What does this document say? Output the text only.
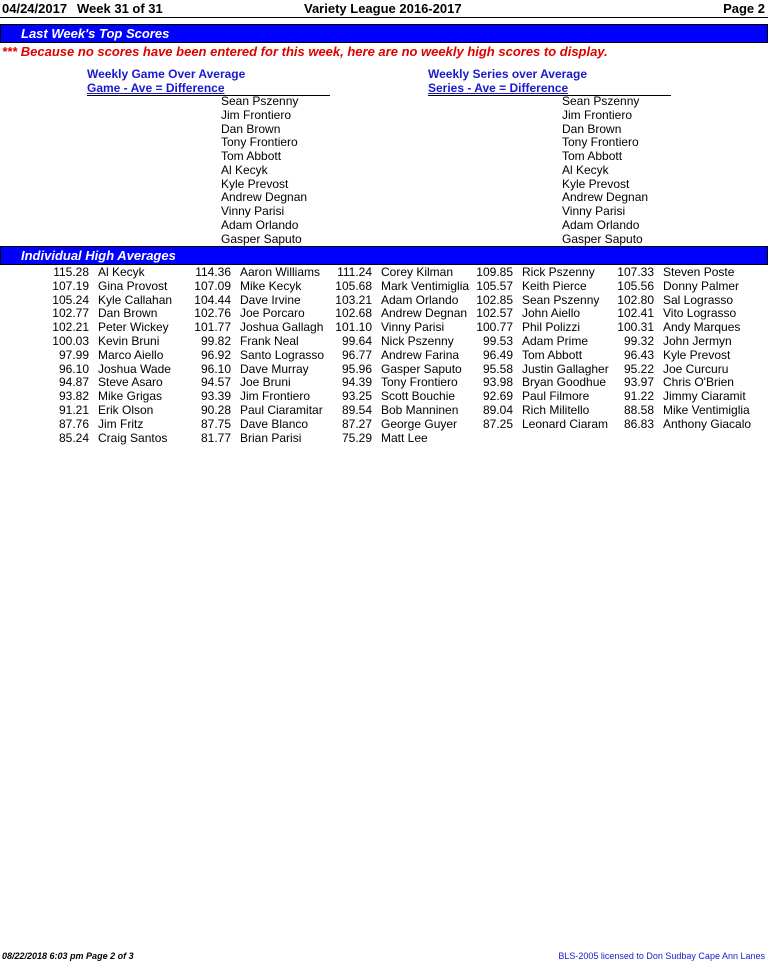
04/24/2017 Week 31 of 31	Variety League 2016-2017	Page 2
Last Week's Top Scores
*** Because no scores have been entered for this week, here are no weekly high scores to display.
Weekly Game Over Average
Game - Ave = Difference
Weekly Series over Average
Series - Ave = Difference
Sean Pszenny
Jim Frontiero
Dan Brown
Tony Frontiero
Tom Abbott
Al Kecyk
Kyle Prevost
Andrew Degnan
Vinny Parisi
Adam Orlando
Gasper Saputo
Sean Pszenny
Jim Frontiero
Dan Brown
Tony Frontiero
Tom Abbott
Al Kecyk
Kyle Prevost
Andrew Degnan
Vinny Parisi
Adam Orlando
Gasper Saputo
Individual High Averages
115.28 Al Kecyk	114.36 Aaron Williams	111.24 Corey Kilman	109.85 Rick Pszenny	107.33 Steven Poste
107.19 Gina Provost	107.09 Mike Kecyk	105.68 Mark Ventimiglia 105.57 Keith Pierce	105.56 Donny Palmer
105.24 Kyle Callahan	104.44 Dave Irvine	103.21 Adam Orlando	102.85 Sean Pszenny	102.80 Sal Lograsso
102.77 Dan Brown	102.76 Joe Porcaro	102.68 Andrew Degnan 102.57 John Aiello	102.41 Vito Lograsso
102.21 Peter Wickey	101.77 Joshua Gallagh 101.10 Vinny Parisi	100.77 Phil Polizzi	100.31 Andy Marques
100.03 Kevin Bruni	99.82 Frank Neal	99.64 Nick Pszenny	99.53 Adam Prime	99.32 John Jermyn
97.99 Marco Aiello	96.92 Santo Lograsso	96.77 Andrew Farina	96.49 Tom Abbott	96.43 Kyle Prevost
96.10 Joshua Wade	96.10 Dave Murray	95.96 Gasper Saputo	95.58 Justin Gallagher	95.22 Joe Curcuru
94.87 Steve Asaro	94.57 Joe Bruni	94.39 Tony Frontiero	93.98 Bryan Goodhue	93.97 Chris O'Brien
93.82 Mike Grigas	93.39 Jim Frontiero	93.25 Scott Bouchie	92.69 Paul Filmore	91.22 Jimmy Ciaramit
91.21 Erik Olson	90.28 Paul Ciaramitar	89.54 Bob Manninen	89.04 Rich Militello	88.58 Mike Ventimiglia
87.76 Jim Fritz	87.75 Dave Blanco	87.27 George Guyer	87.25 Leonard Ciaram	86.83 Anthony Giacalo
85.24 Craig Santos	81.77 Brian Parisi	75.29 Matt Lee
08/22/2018 6:03 pm Page 2 of 3	BLS-2005 licensed to Don Sudbay Cape Ann Lanes
